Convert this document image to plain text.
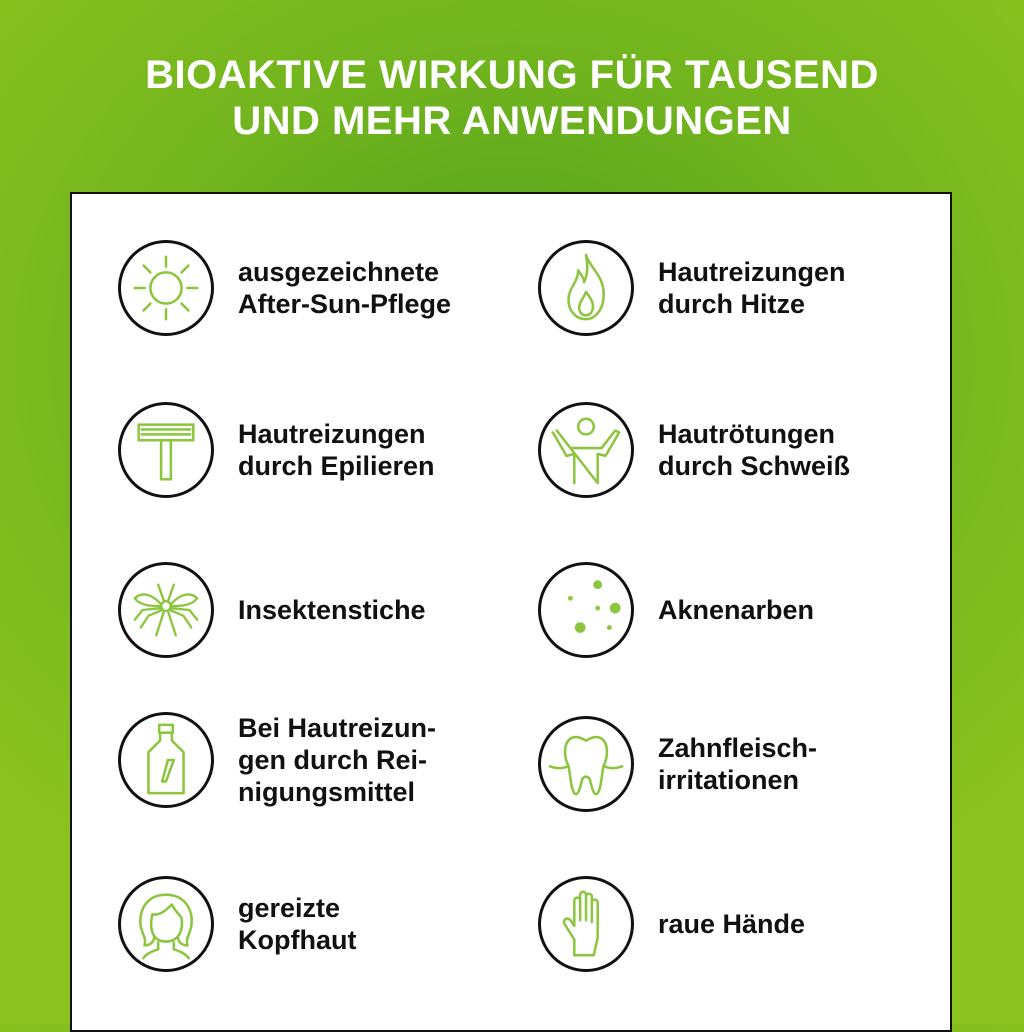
BIOAKTIVE WIRKUNG FÜR TAUSEND
UND MEHR ANWENDUNGEN
ausgezeichnete
After-Sun-Pflege
Hautreizungen
durch Hitze
Hautreizungen
durch Epilieren
Hautrötungen
durch Schweiß
Insektenstiche	Aknenarben
Bei Hautreizun-
gen durch Rei-
nigungsmittel
Zahnfleisch-
irritationen
gereizte
Kopfhaut
raue Hände
